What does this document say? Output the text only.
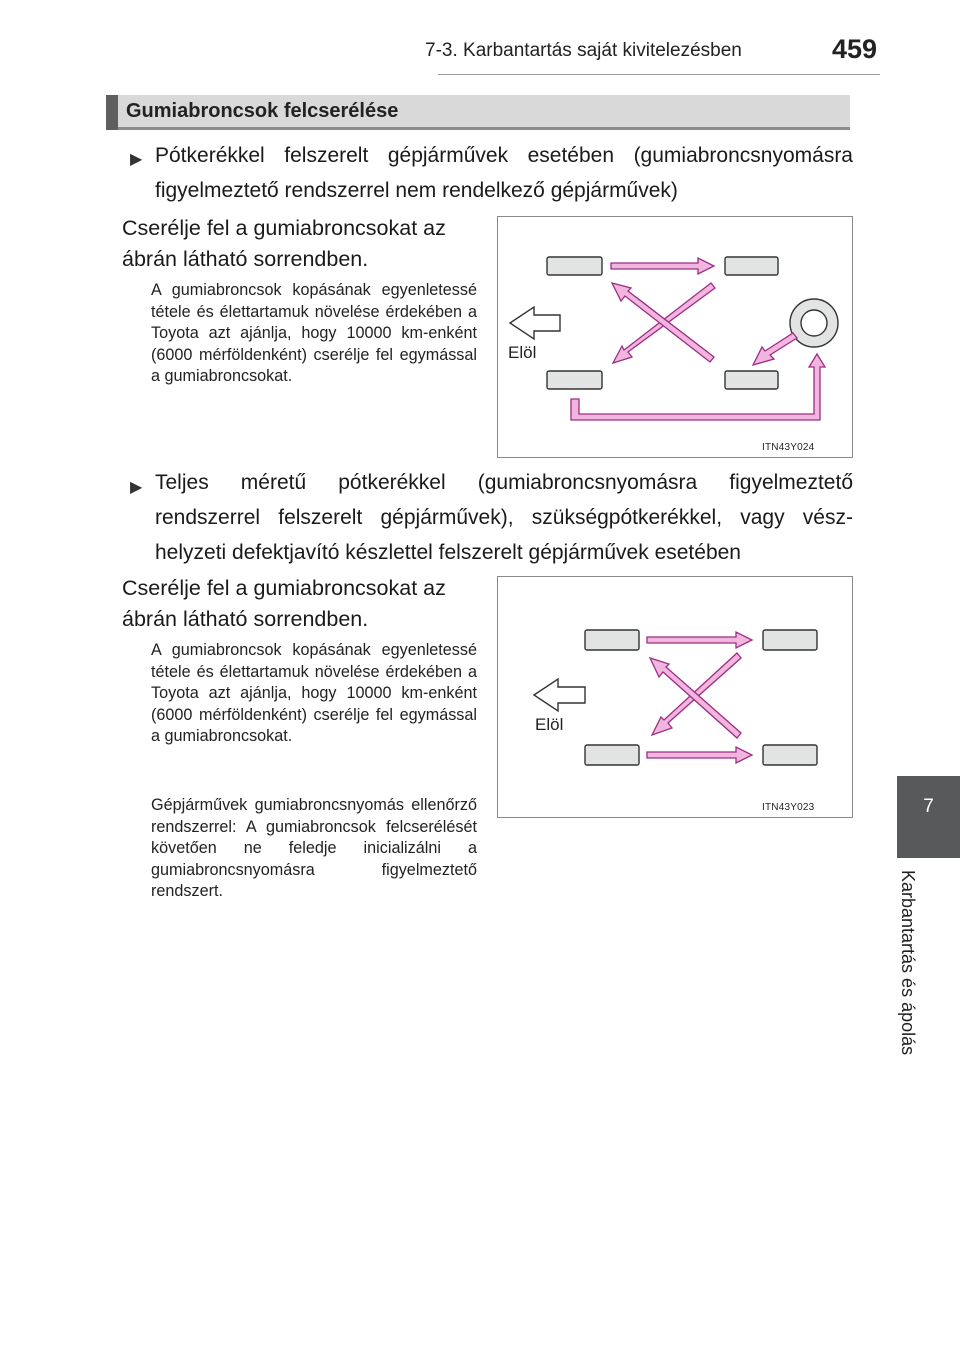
7-3. Karbantartás saját kivitelezésben	459
Gumiabroncsok felcserélése
▶ Pótkerékkel felszerelt gépjárművek esetében (gumiabroncsnyomásra figyelmeztető rendszerrel nem rendelkező gépjárművek)
Cserélje fel a gumiabroncsokat az ábrán látható sorrendben.
A gumiabroncsok kopásának egyenletessé tétele és élettartamuk növelése érdekében a Toyota azt ajánlja, hogy 10000 km-enként (6000 mérföldenként) cserélje fel egymással a gumiabroncsokat.
Elöl
ITN43Y024
▶ Teljes méretű pótkerékkel (gumiabroncsnyomásra figyelmeztető rendszerrel felszerelt gépjárművek), szükségpótkerékkel, vagy vészhelyzeti defektjavító készlettel felszerelt gépjárművek esetében
Cserélje fel a gumiabroncsokat az ábrán látható sorrendben.
A gumiabroncsok kopásának egyenletessé tétele és élettartamuk növelése érdekében a Toyota azt ajánlja, hogy 10000 km-enként (6000 mérföldenként) cserélje fel egymással a gumiabroncsokat.
Gépjárművek gumiabroncsnyomás ellenőrző rendszerrel: A gumiabroncsok felcserélését követően ne feledje inicializálni a gumiabroncsnyomásra figyelmeztető rendszert.
Elöl
ITN43Y023	7
Karbantartás és ápolás
